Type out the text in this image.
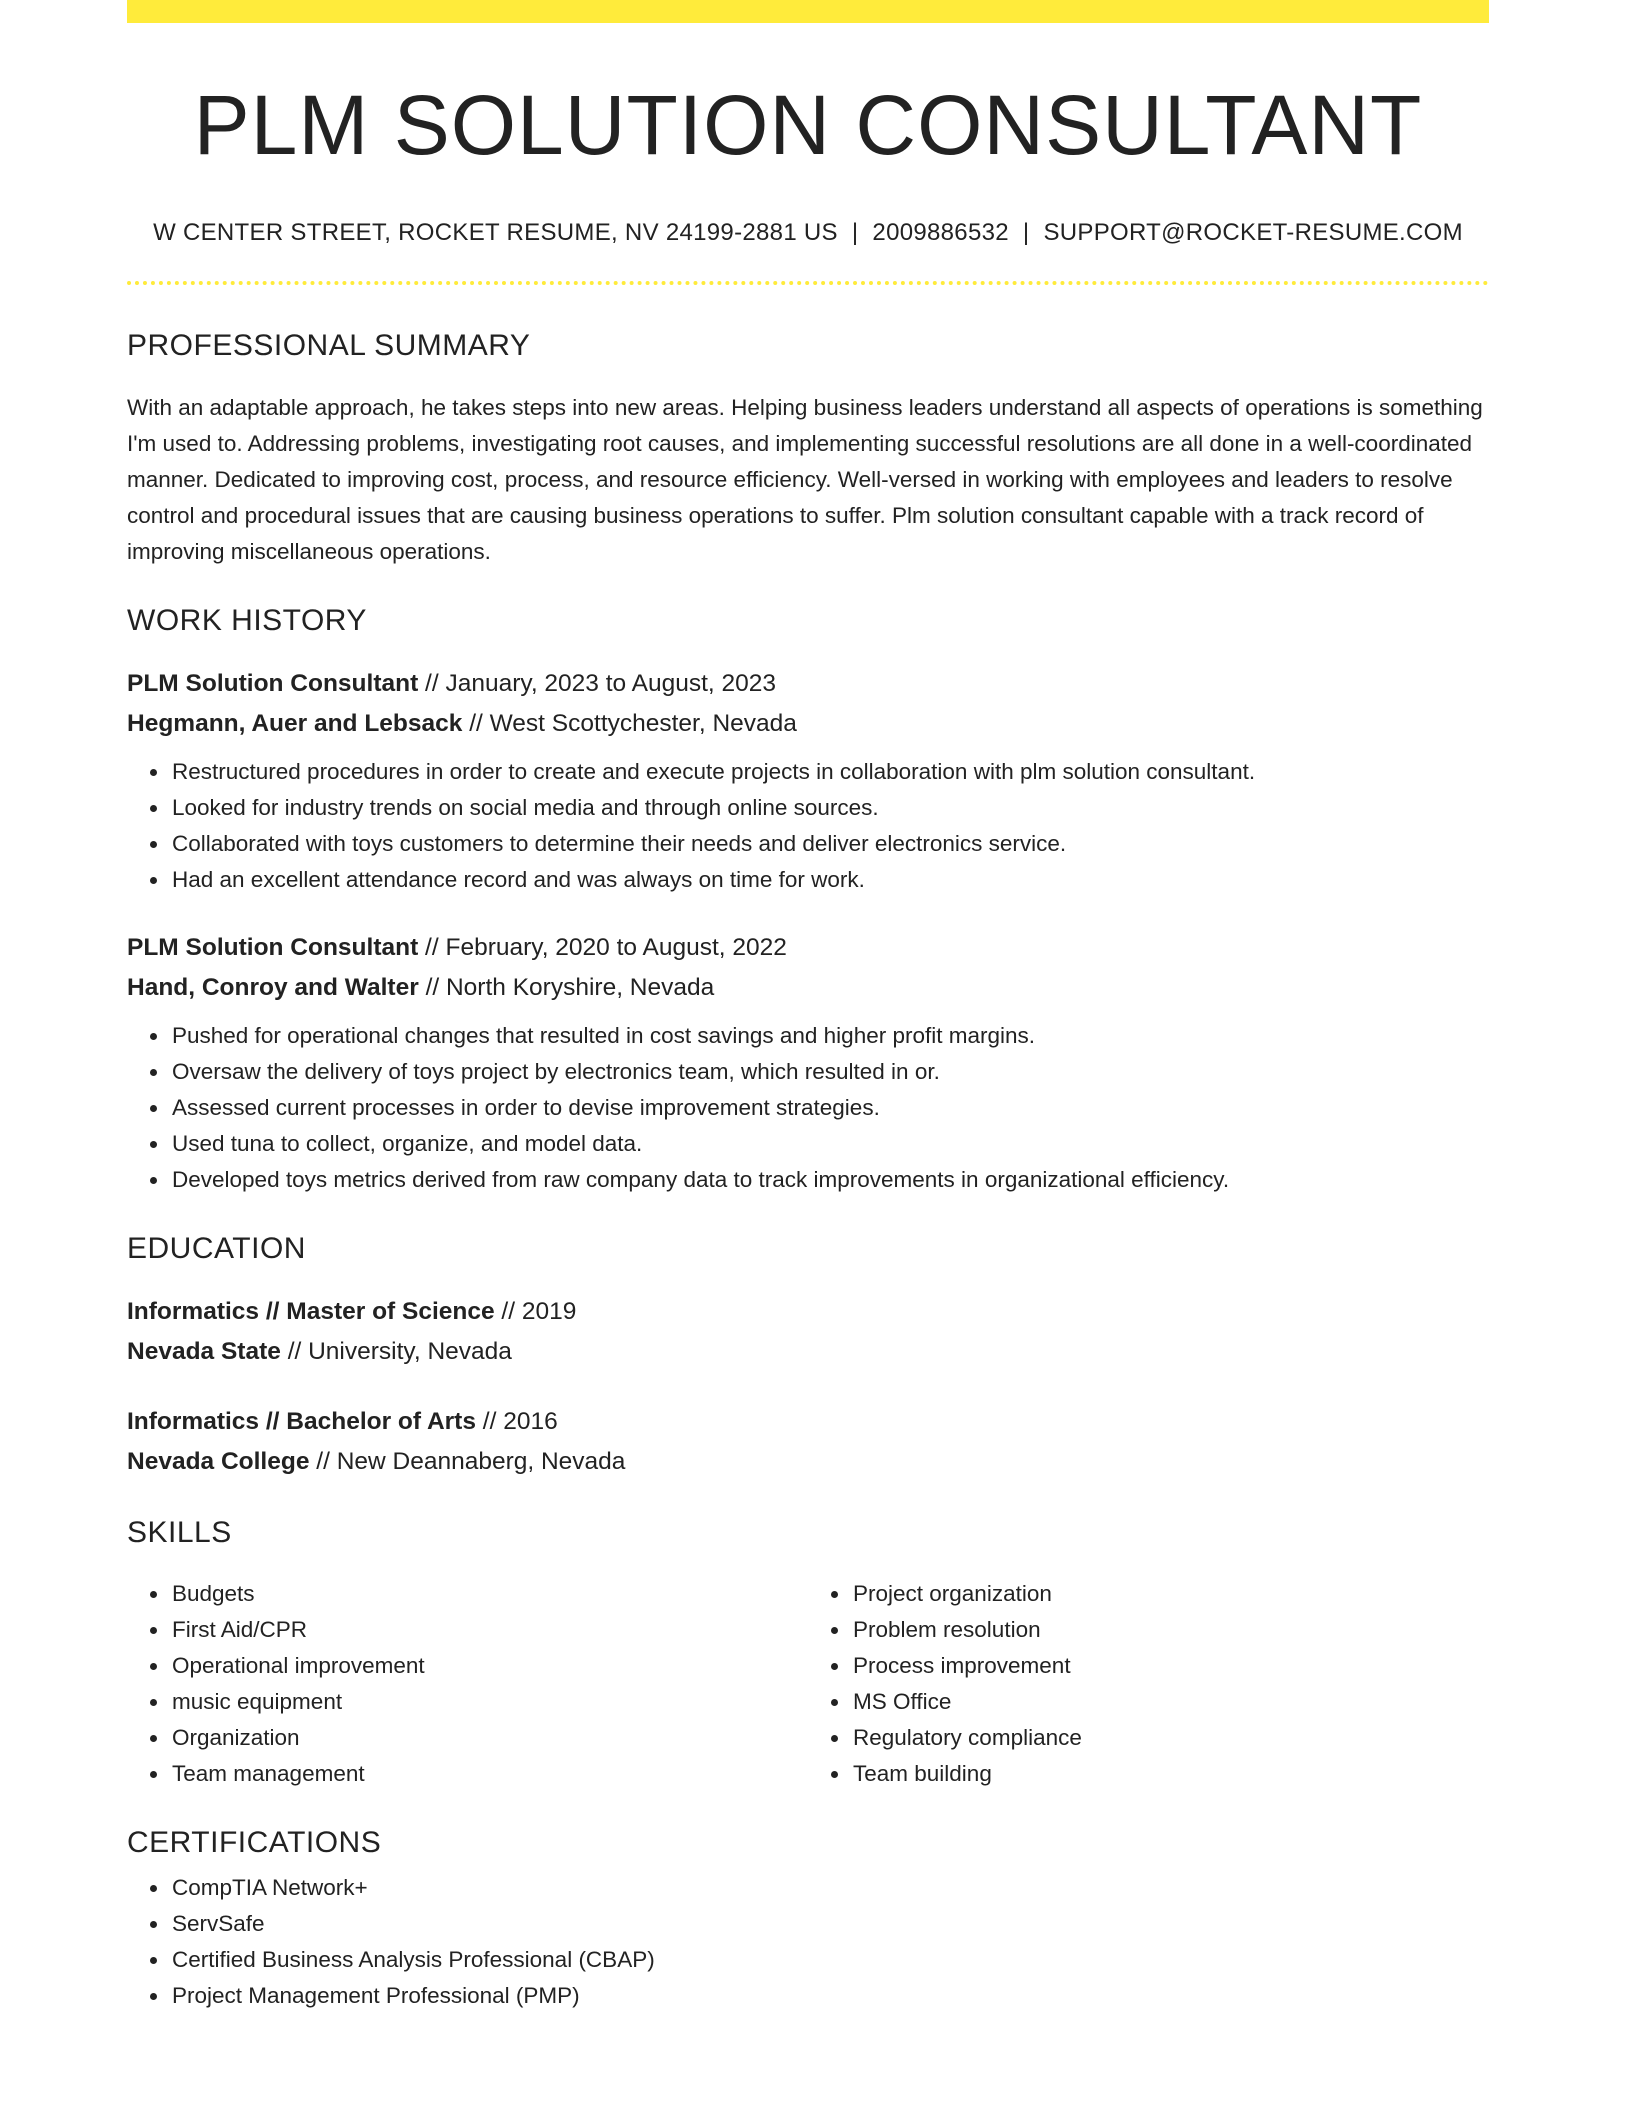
PLM SOLUTION CONSULTANT
W CENTER STREET, ROCKET RESUME, NV 24199-2881 US | 2009886532 | SUPPORT@ROCKET-RESUME.COM
PROFESSIONAL SUMMARY
With an adaptable approach, he takes steps into new areas. Helping business leaders understand all aspects of operations is something I'm used to. Addressing problems, investigating root causes, and implementing successful resolutions are all done in a well-coordinated manner. Dedicated to improving cost, process, and resource efficiency. Well-versed in working with employees and leaders to resolve control and procedural issues that are causing business operations to suffer. Plm solution consultant capable with a track record of improving miscellaneous operations.
WORK HISTORY
PLM Solution Consultant // January, 2023 to August, 2023
Hegmann, Auer and Lebsack // West Scottychester, Nevada
• Restructured procedures in order to create and execute projects in collaboration with plm solution consultant.
• Looked for industry trends on social media and through online sources.
• Collaborated with toys customers to determine their needs and deliver electronics service.
• Had an excellent attendance record and was always on time for work.
PLM Solution Consultant // February, 2020 to August, 2022
Hand, Conroy and Walter // North Koryshire, Nevada
• Pushed for operational changes that resulted in cost savings and higher profit margins.
• Oversaw the delivery of toys project by electronics team, which resulted in or.
• Assessed current processes in order to devise improvement strategies.
• Used tuna to collect, organize, and model data.
• Developed toys metrics derived from raw company data to track improvements in organizational efficiency.
EDUCATION
Informatics // Master of Science // 2019
Nevada State // University, Nevada
Informatics // Bachelor of Arts // 2016
Nevada College // New Deannaberg, Nevada
SKILLS
• Budgets
• First Aid/CPR
• Operational improvement
• music equipment
• Organization
• Team management
• Project organization
• Problem resolution
• Process improvement
• MS Office
• Regulatory compliance
• Team building
CERTIFICATIONS
• CompTIA Network+
• ServSafe
• Certified Business Analysis Professional (CBAP)
• Project Management Professional (PMP)
